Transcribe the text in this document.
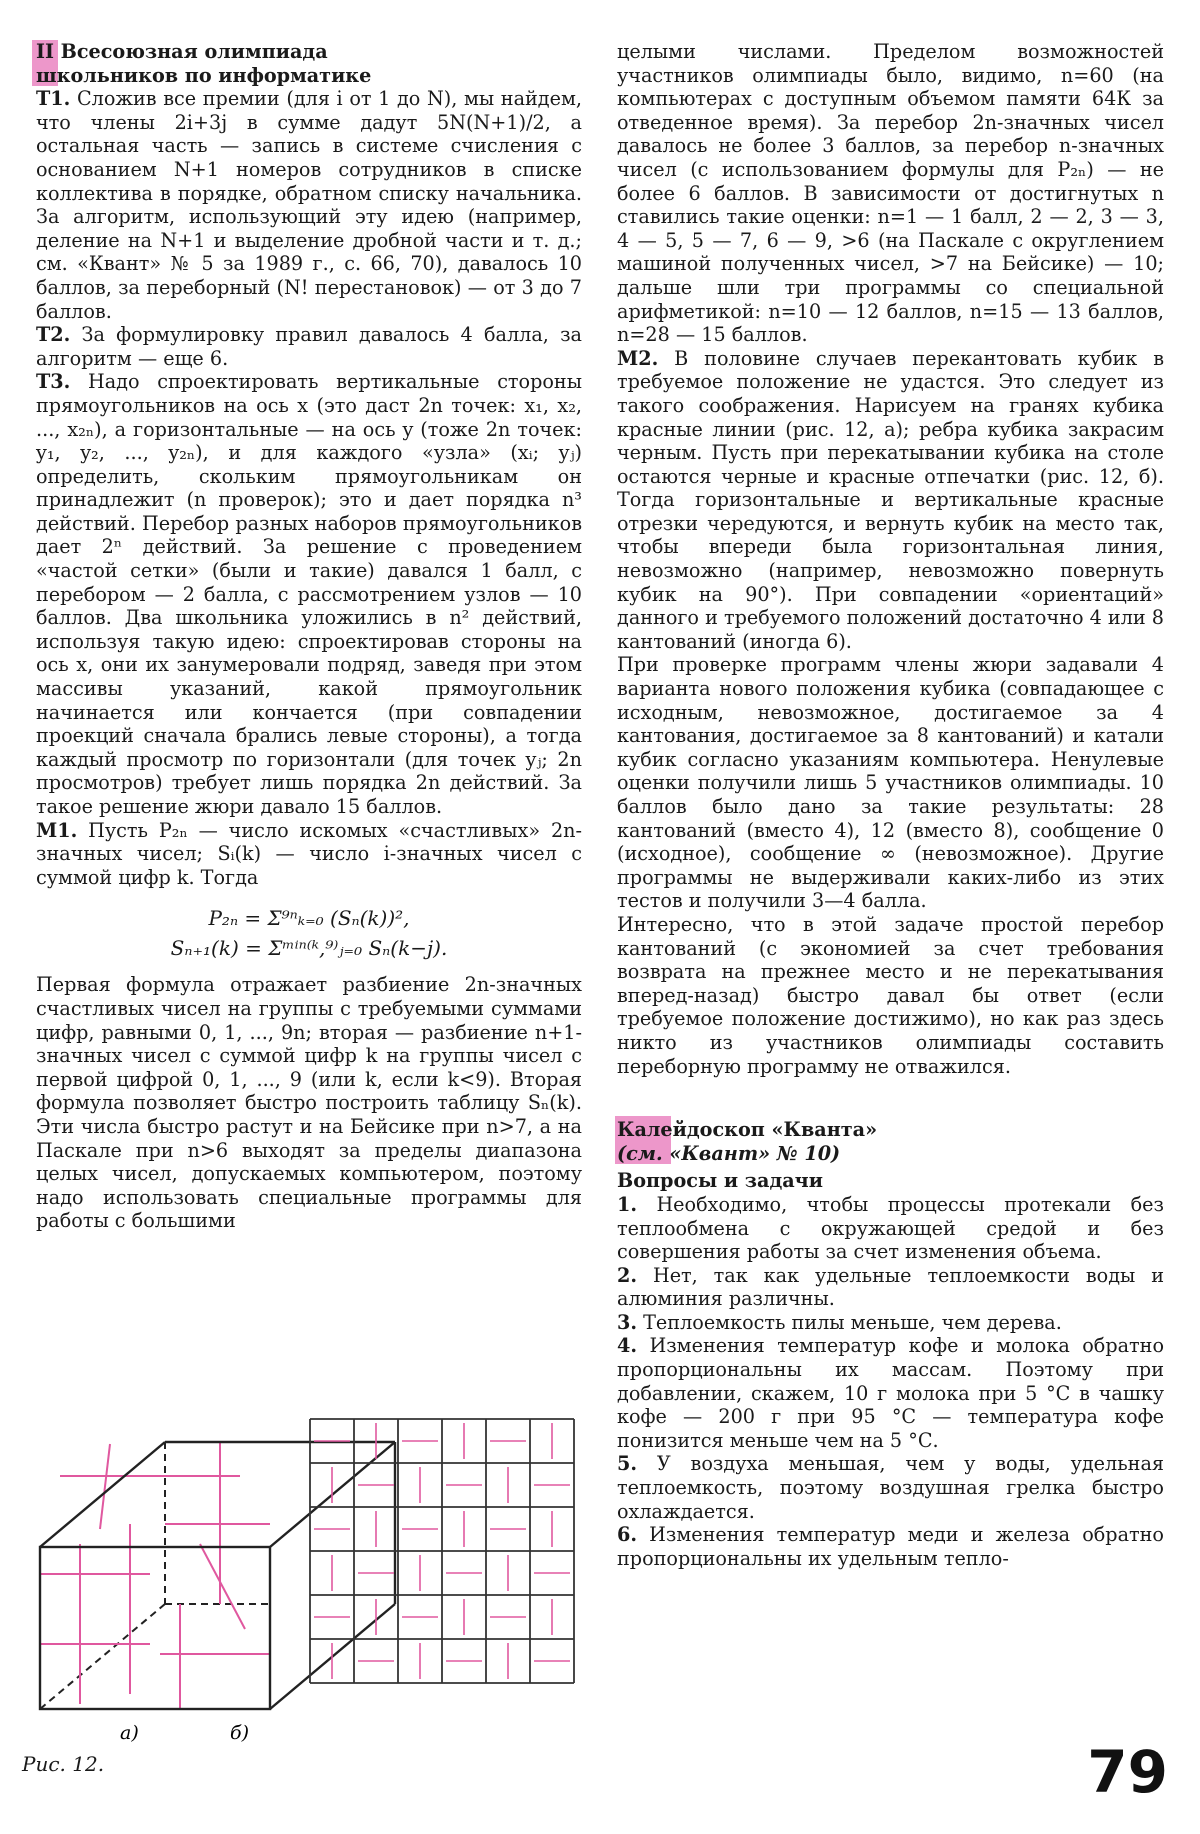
II Всесоюзная олимпиада
школьников по информатике

Т1. Сложив все премии (для i от 1 до N), мы найдем, что члены 2i+3j в сумме дадут 5N(N+1)/2, а остальная часть — запись в системе счисления с основанием N+1 номеров сотрудников в списке коллектива в порядке, обратном списку начальника. За алгоритм, использующий эту идею (например, деление на N+1 и выделение дробной части и т. д.; см. «Квант» № 5 за 1989 г., с. 66, 70), давалось 10 баллов, за переборный (N! перестановок) — от 3 до 7 баллов.

Т2. За формулировку правил давалось 4 балла, за алгоритм — еще 6.

Т3. Надо спроектировать вертикальные стороны прямоугольников на ось x (это даст 2n точек: x₁, x₂, ..., x₂ₙ), а горизонтальные — на ось y (тоже 2n точек: y₁, y₂, ..., y₂ₙ), и для каждого «узла» (xᵢ; yⱼ) определить, скольким прямоугольникам он принадлежит (n проверок); это и дает порядка n³ действий. Перебор разных наборов прямоугольников дает 2ⁿ действий. За решение с проведением «частой сетки» (были и такие) давался 1 балл, с перебором — 2 балла, с рассмотрением узлов — 10 баллов. Два школьника уложились в n² действий, используя такую идею: спроектировав стороны на ось x, они их занумеровали подряд, заведя при этом массивы указаний, какой прямоугольник начинается или кончается (при совпадении проекций сначала брались левые стороны), а тогда каждый просмотр по горизонтали (для точек yⱼ; 2n просмотров) требует лишь порядка 2n действий. За такое решение жюри давало 15 баллов.

М1. Пусть P₂ₙ — число искомых «счастливых» 2n-значных чисел; Sᵢ(k) — число i-значных чисел с суммой цифр k. Тогда

P₂ₙ = Σ⁹ⁿₖ₌₀ (Sₙ(k))²,
Sₙ₊₁(k) = Σᵐⁱⁿ⁽ᵏ,⁹⁾ⱼ₌₀ Sₙ(k−j).

Первая формула отражает разбиение 2n-значных счастливых чисел на группы с требуемыми суммами цифр, равными 0, 1, ..., 9n; вторая — разбиение n+1-значных чисел с суммой цифр k на группы чисел с первой цифрой 0, 1, ..., 9 (или k, если k<9). Вторая формула позволяет быстро построить таблицу Sₙ(k). Эти числа быстро растут и на Бейсике при n>7, а на Паскале при n>6 выходят за пределы диапазона целых чисел, допускаемых компьютером, поэтому надо использовать специальные программы для работы с большими

целыми числами. Пределом возможностей участников олимпиады было, видимо, n=60 (на компьютерах с доступным объемом памяти 64К за отведенное время). За перебор 2n-значных чисел давалось не более 3 баллов, за перебор n-значных чисел (с использованием формулы для P₂ₙ) — не более 6 баллов. В зависимости от достигнутых n ставились такие оценки: n=1 — 1 балл, 2 — 2, 3 — 3, 4 — 5, 5 — 7, 6 — 9, >6 (на Паскале с округлением машиной полученных чисел, >7 на Бейсике) — 10; дальше шли три программы со специальной арифметикой: n=10 — 12 баллов, n=15 — 13 баллов, n=28 — 15 баллов.

М2. В половине случаев перекантовать кубик в требуемое положение не удастся. Это следует из такого соображения. Нарисуем на гранях кубика красные линии (рис. 12, а); ребра кубика закрасим черным. Пусть при перекатывании кубика на столе остаются черные и красные отпечатки (рис. 12, б). Тогда горизонтальные и вертикальные красные отрезки чередуются, и вернуть кубик на место так, чтобы впереди была горизонтальная линия, невозможно (например, невозможно повернуть кубик на 90°). При совпадении «ориентаций» данного и требуемого положений достаточно 4 или 8 кантований (иногда 6).

При проверке программ члены жюри задавали 4 варианта нового положения кубика (совпадающее с исходным, невозможное, достигаемое за 4 кантования, достигаемое за 8 кантований) и катали кубик согласно указаниям компьютера. Ненулевые оценки получили лишь 5 участников олимпиады. 10 баллов было дано за такие результаты: 28 кантований (вместо 4), 12 (вместо 8), сообщение 0 (исходное), сообщение ∞ (невозможное). Другие программы не выдерживали каких-либо из этих тестов и получили 3—4 балла.

Интересно, что в этой задаче простой перебор кантований (с экономией за счет требования возврата на прежнее место и не перекатывания вперед-назад) быстро давал бы ответ (если требуемое положение достижимо), но как раз здесь никто из участников олимпиады составить переборную программу не отважился.

Калейдоскоп «Кванта»
(см. «Квант» № 10)
Вопросы и задачи

1. Необходимо, чтобы процессы протекали без теплообмена с окружающей средой и без совершения работы за счет изменения объема.

2. Нет, так как удельные теплоемкости воды и алюминия различны.

3. Теплоемкость пилы меньше, чем дерева.

4. Изменения температур кофе и молока обратно пропорциональны их массам. Поэтому при добавлении, скажем, 10 г молока при 5 °С в чашку кофе — 200 г при 95 °С — температура кофе понизится меньше чем на 5 °С.

5. У воздуха меньшая, чем у воды, удельная теплоемкость, поэтому воздушная грелка быстро охлаждается.

6. Изменения температур меди и железа обратно пропорциональны их удельным тепло-

а)	б)
Рис. 12.	79
